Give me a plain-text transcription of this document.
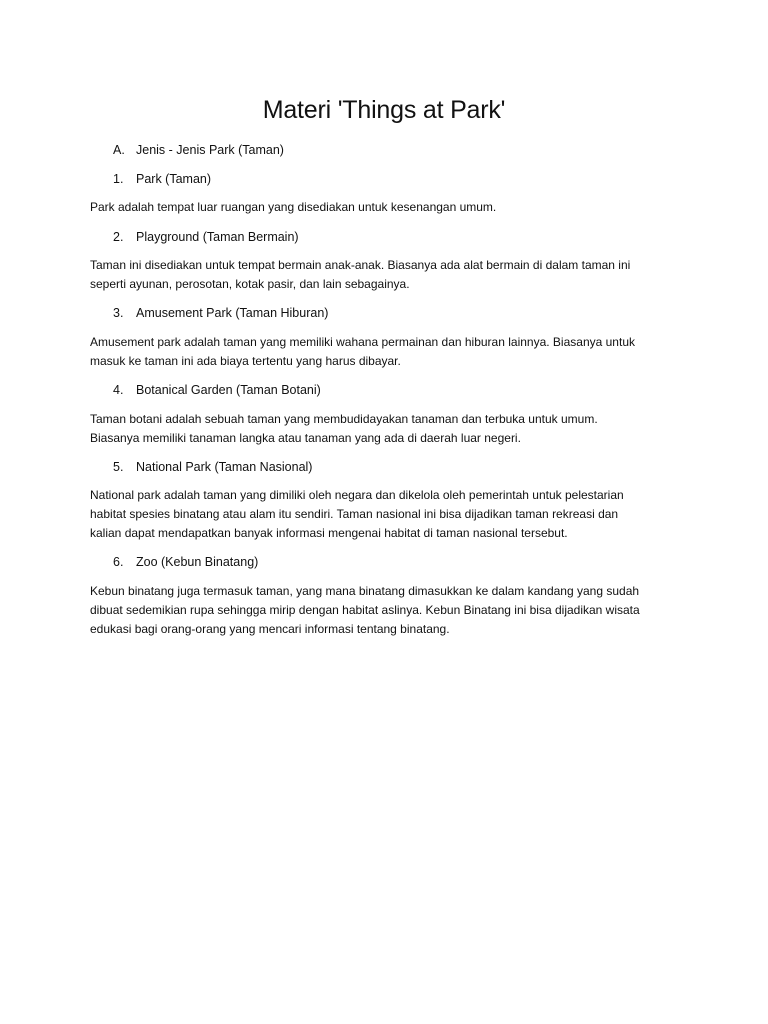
Materi 'Things at Park'
A. Jenis - Jenis Park (Taman)
1. Park (Taman)
Park adalah tempat luar ruangan yang disediakan untuk kesenangan umum.
2. Playground (Taman Bermain)
Taman ini disediakan untuk tempat bermain anak-anak. Biasanya ada alat bermain di dalam taman ini
seperti ayunan, perosotan, kotak pasir, dan lain sebagainya.
3. Amusement Park (Taman Hiburan)
Amusement park adalah taman yang memiliki wahana permainan dan hiburan lainnya. Biasanya untuk
masuk ke taman ini ada biaya tertentu yang harus dibayar.
4. Botanical Garden (Taman Botani)
Taman botani adalah sebuah taman yang membudidayakan tanaman dan terbuka untuk umum.
Biasanya memiliki tanaman langka atau tanaman yang ada di daerah luar negeri.
5. National Park (Taman Nasional)
National park adalah taman yang dimiliki oleh negara dan dikelola oleh pemerintah untuk pelestarian
habitat spesies binatang atau alam itu sendiri. Taman nasional ini bisa dijadikan taman rekreasi dan
kalian dapat mendapatkan banyak informasi mengenai habitat di taman nasional tersebut.
6. Zoo (Kebun Binatang)
Kebun binatang juga termasuk taman, yang mana binatang dimasukkan ke dalam kandang yang sudah
dibuat sedemikian rupa sehingga mirip dengan habitat aslinya. Kebun Binatang ini bisa dijadikan wisata
edukasi bagi orang-orang yang mencari informasi tentang binatang.
